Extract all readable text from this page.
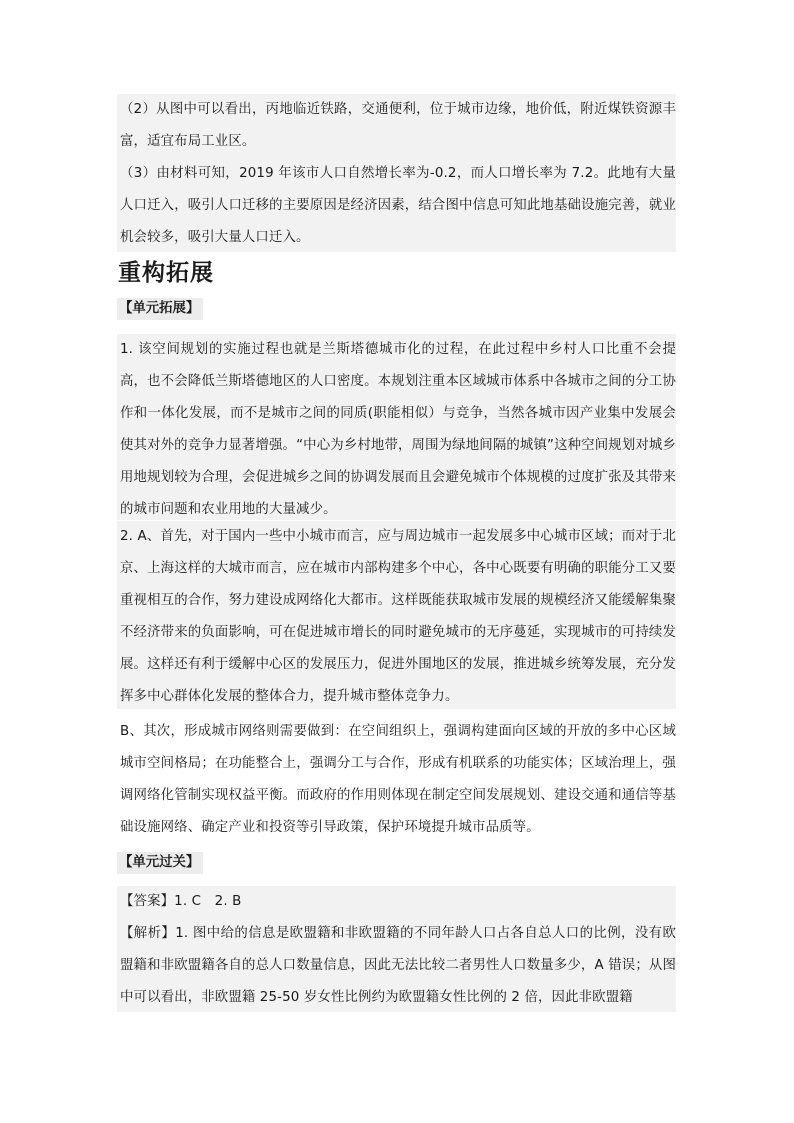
（2）从图中可以看出，丙地临近铁路，交通便利，位于城市边缘，地价低，附近煤铁资源丰富，适宜布局工业区。

（3）由材料可知，2019 年该市人口自然增长率为-0.2，而人口增长率为 7.2。此地有大量人口迁入，吸引人口迁移的主要原因是经济因素，结合图中信息可知此地基础设施完善，就业机会较多，吸引大量人口迁入。

重构拓展
【单元拓展】

1. 该空间规划的实施过程也就是兰斯塔德城市化的过程，在此过程中乡村人口比重不会提高，也不会降低兰斯塔德地区的人口密度。本规划注重本区域城市体系中各城市之间的分工协作和一体化发展，而不是城市之间的同质(职能相似）与竞争，当然各城市因产业集中发展会使其对外的竞争力显著增强。“中心为乡村地带，周围为绿地间隔的城镇”这种空间规划对城乡用地规划较为合理，会促进城乡之间的协调发展而且会避免城市个体规模的过度扩张及其带来的城市问题和农业用地的大量减少。

2. A、首先，对于国内一些中小城市而言，应与周边城市一起发展多中心城市区域；而对于北京、上海这样的大城市而言，应在城市内部构建多个中心，各中心既要有明确的职能分工又要重视相互的合作，努力建设成网络化大都市。这样既能获取城市发展的规模经济又能缓解集聚不经济带来的负面影响，可在促进城市增长的同时避免城市的无序蔓延，实现城市的可持续发展。这样还有利于缓解中心区的发展压力，促进外围地区的发展，推进城乡统筹发展，充分发挥多中心群体化发展的整体合力，提升城市整体竞争力。

B、其次，形成城市网络则需要做到：在空间组织上，强调构建面向区域的开放的多中心区域城市空间格局；在功能整合上，强调分工与合作，形成有机联系的功能实体；区域治理上，强调网络化管制实现权益平衡。而政府的作用则体现在制定空间发展规划、建设交通和通信等基础设施网络、确定产业和投资等引导政策，保护环境提升城市品质等。

【单元过关】

【答案】1. C　2. B

【解析】1. 图中给的信息是欧盟籍和非欧盟籍的不同年龄人口占各自总人口的比例，没有欧盟籍和非欧盟籍各自的总人口数量信息，因此无法比较二者男性人口数量多少，A 错误；从图中可以看出，非欧盟籍 25-50 岁女性比例约为欧盟籍女性比例的 2 倍，因此非欧盟籍
